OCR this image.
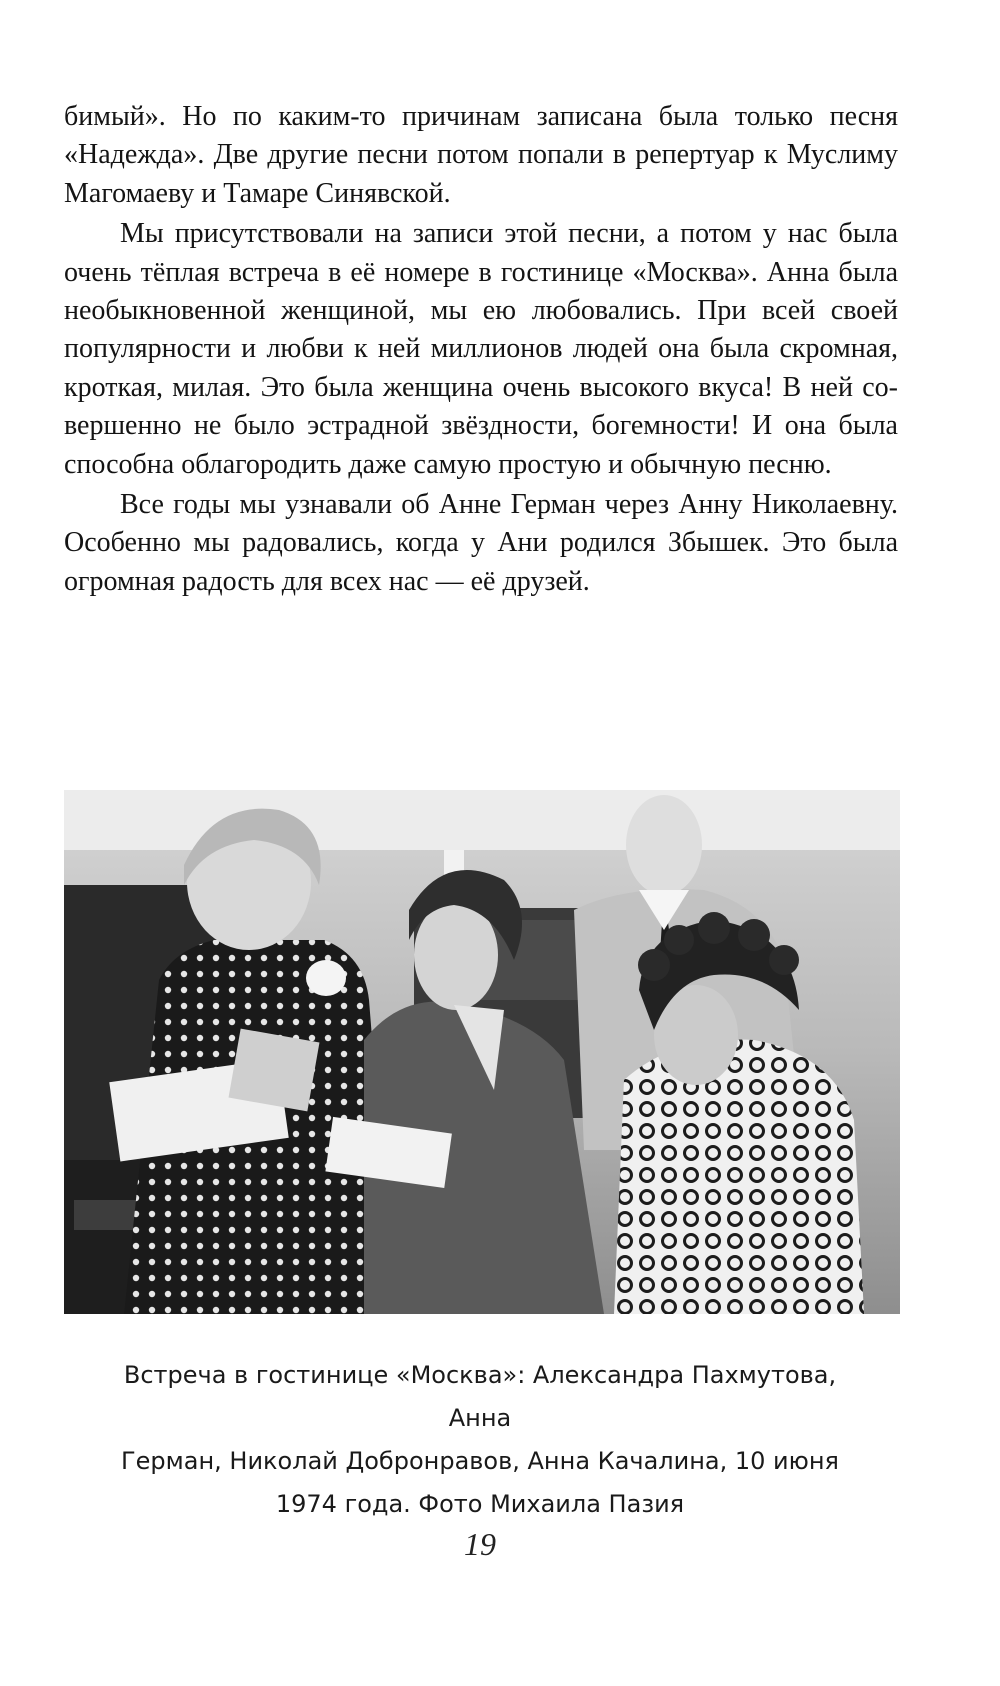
бимый». Но по каким-то причинам записана была только песня «Надежда». Две другие песни потом попали в репертуар к Муслиму Магомаеву и Тамаре Синявской.

Мы присутствовали на записи этой песни, а потом у нас была очень тёплая встреча в её номере в гостинице «Москва». Анна была необыкновенной женщиной, мы ею любовались. При всей своей популярности и любви к ней миллионов людей она была скромная, кроткая, милая. Это была женщина очень высокого вкуса! В ней совершенно не было эстрадной звёздности, богемности! И она была способна облагородить даже самую простую и обычную песню.

Все годы мы узнавали об Анне Герман через Анну Николаевну. Особенно мы радовались, когда у Ани родился Збышек. Это была огромная радость для всех нас — её друзей.

Встреча в гостинице «Москва»: Александра Пахмутова, Анна
Герман, Николай Добронравов, Анна Качалина, 10 июня
1974 года. Фото Михаила Пазия
19
